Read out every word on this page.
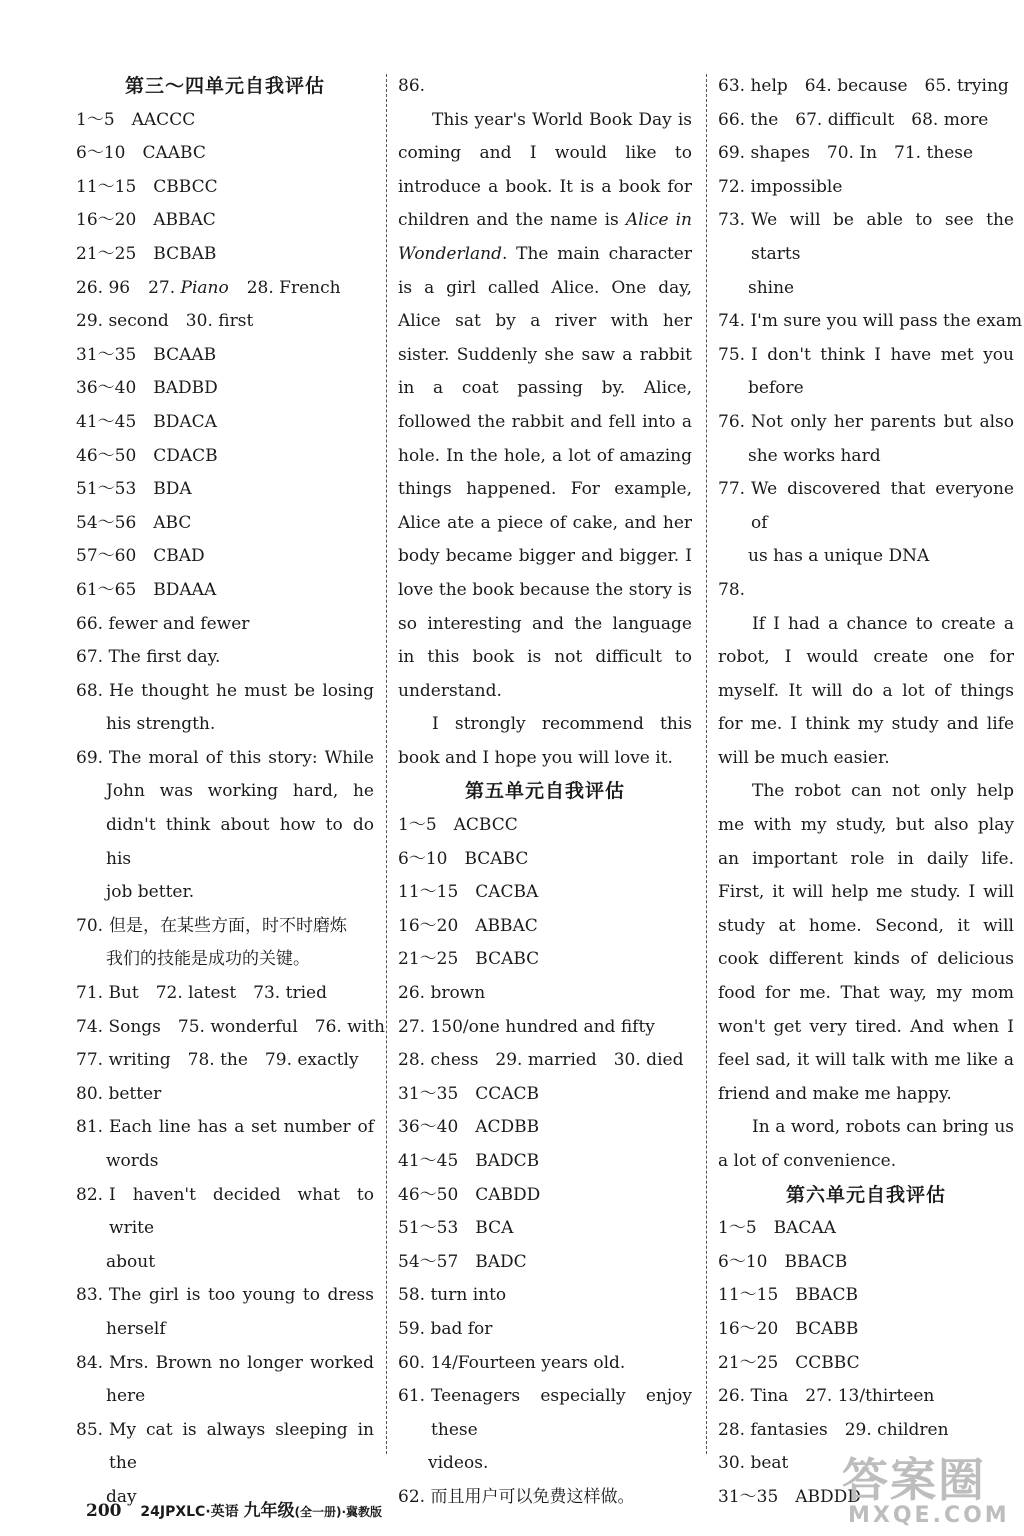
第三～四单元自我评估
1～5　AACCC
6～10　CAABC
11～15　CBBCC
16～20　ABBAC
21～25　BCBAB
26. 96 27. Piano 28. French
29. second　30. first
31～35　BCAAB
36～40　BADBD
41～45　BDACA
46～50　CDACB
51～53　BDA
54～56　ABC
57～60　CBAD
61～65　BDAAA
66. fewer and fewer
67. The first day.
68. He thought he must be losing
his strength.
69. The moral of this story: While
John was working hard, he
didn't think about how to do his
job better.
70. 但是，在某些方面，时不时磨炼
我们的技能是成功的关键。
71. But　72. latest　73. tried
74. Songs　75. wonderful　76. with
77. writing　78. the　79. exactly
80. better
81. Each line has a set number of
words
82. I haven't decided what to write
about
83. The girl is too young to dress
herself
84. Mrs. Brown no longer worked
here
85. My cat is always sleeping in the
day
86.
This year's World Book Day is coming and I would like to introduce a book. It is a book for children and the name is Alice in Wonderland. The main character is a girl called Alice. One day, Alice sat by a river with her sister. Suddenly she saw a rabbit in a coat passing by. Alice, followed the rabbit and fell into a hole. In the hole, a lot of amazing things happened. For example, Alice ate a piece of cake, and her body became bigger and bigger. I love the book because the story is so interesting and the language in this book is not difficult to understand.
I strongly recommend this book and I hope you will love it.
第五单元自我评估
1～5　ACBCC
6～10　BCABC
11～15　CACBA
16～20　ABBAC
21～25　BCABC
26. brown
27. 150/one hundred and fifty
28. chess　29. married　30. died
31～35　CCACB
36～40　ACDBB
41～45　BADCB
46～50　CABDD
51～53　BCA
54～57　BADC
58. turn into
59. bad for
60. 14/Fourteen years old.
61. Teenagers especially enjoy these
videos.
62. 而且用户可以免费这样做。
63. help　64. because　65. trying
66. the　67. difficult　68. more
69. shapes　70. In　71. these
72. impossible
73. We will be able to see the starts
shine
74. I'm sure you will pass the exam
75. I don't think I have met you
before
76. Not only her parents but also
she works hard
77. We discovered that everyone of
us has a unique DNA
78.
If I had a chance to create a robot, I would create one for myself. It will do a lot of things for me. I think my study and life will be much easier.
The robot can not only help me with my study, but also play an important role in daily life. First, it will help me study. I will study at home. Second, it will cook different kinds of delicious food for me. That way, my mom won't get very tired. And when I feel sad, it will talk with me like a friend and make me happy.
In a word, robots can bring us a lot of convenience.
第六单元自我评估
1～5　BACAA
6～10　BBACB
11～15　BBACB
16～20　BCABB
21～25　CCBBC
26. Tina　27. 13/thirteen
28. fantasies　29. children
30. beat
31～35　ABDDD
200 24JPXLC·英语 九年级(全一册)·冀教版
答案圈
MXQE.COM
